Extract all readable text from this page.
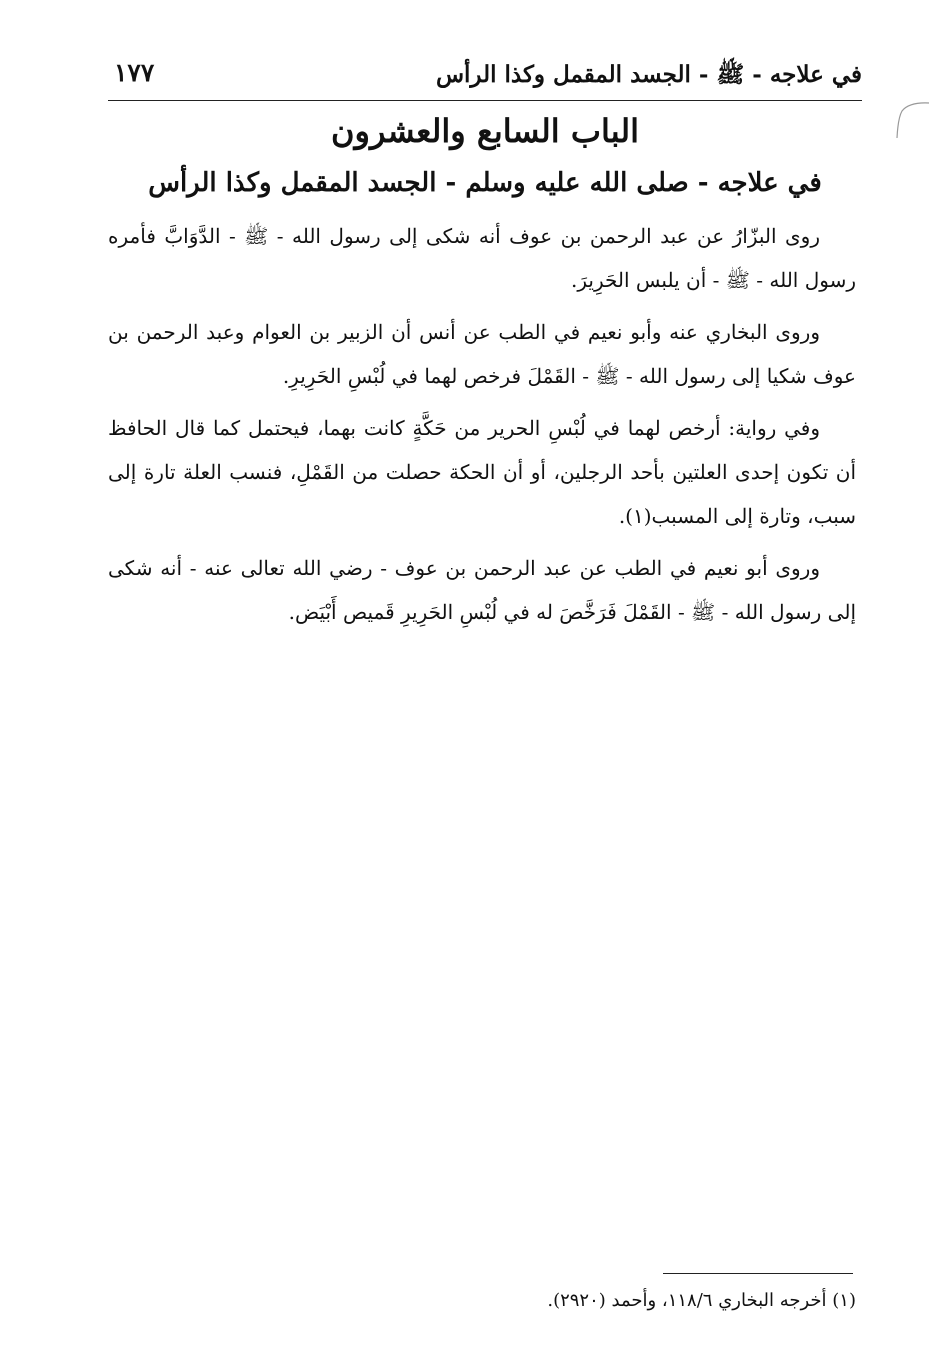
في علاجه - ﷺ - الجسد المقمل وكذا الرأس
١٧٧
الباب السابع والعشرون
في علاجه - صلى الله عليه وسلم - الجسد المقمل وكذا الرأس

روى البزّارُ عن عبد الرحمن بن عوف أنه شكى إلى رسول الله - ﷺ - الدَّوَابَّ فأمره رسول الله - ﷺ - أن يلبس الحَرِيرَ.

وروى البخاري عنه وأبو نعيم في الطب عن أنس أن الزبير بن العوام وعبد الرحمن بن عوف شكيا إلى رسول الله - ﷺ - القَمْلَ فرخص لهما في لُبْسِ الحَرِيرِ.

وفي رواية: أرخص لهما في لُبْسِ الحرير من حَكَّةٍ كانت بهما، فيحتمل كما قال الحافظ أن تكون إحدى العلتين بأحد الرجلين، أو أن الحكة حصلت من القَمْلِ، فنسب العلة تارة إلى سبب، وتارة إلى المسبب(١).

وروى أبو نعيم في الطب عن عبد الرحمن بن عوف - رضي الله تعالى عنه - أنه شكى إلى رسول الله - ﷺ - القَمْلَ فَرَخَّصَ له في لُبْسِ الحَرِيرِ قَميص أَبْيَض.

(١) أخرجه البخاري ١١٨/٦، وأحمد (٢٩٢٠).
